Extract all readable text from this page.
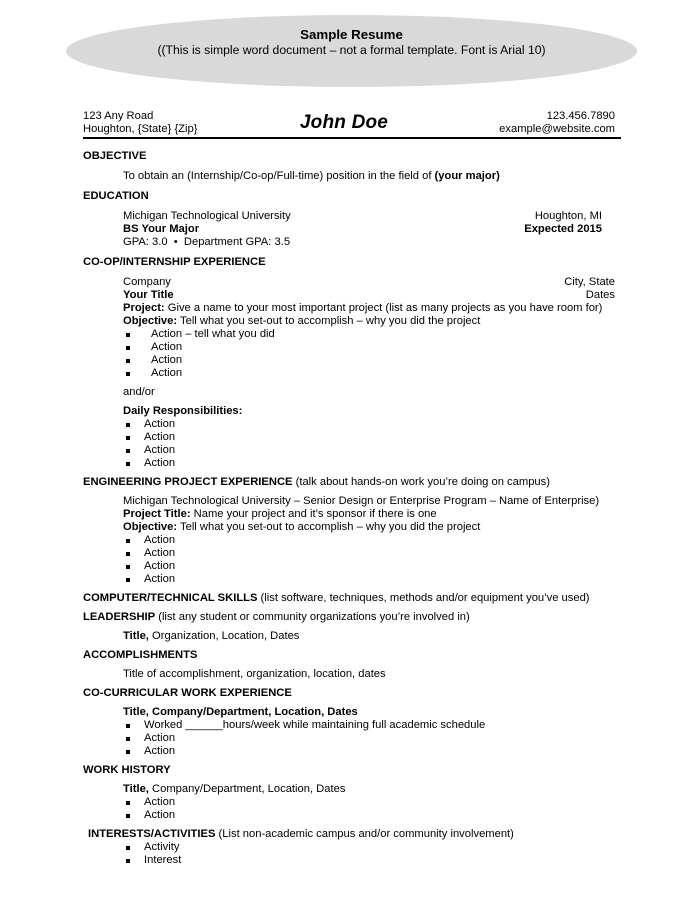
Sample Resume
((This is simple word document – not a formal template. Font is Arial 10)
123 Any Road
Houghton, {State} {Zip}	John Doe	123.456.7890
example@website.com
OBJECTIVE
To obtain an (Internship/Co-op/Full-time) position in the field of (your major)
EDUCATION
Michigan Technological University	Houghton, MI
BS Your Major	Expected 2015
GPA: 3.0  •  Department GPA: 3.5
CO-OP/INTERNSHIP EXPERIENCE
Company	City, State
Your Title	Dates
Project: Give a name to your most important project (list as many projects as you have room for)
Objective: Tell what you set-out to accomplish – why you did the project
Action – tell what you did
Action
Action
Action
and/or
Daily Responsibilities:
Action
Action
Action
Action
ENGINEERING PROJECT EXPERIENCE (talk about hands-on work you’re doing on campus)
Michigan Technological University – Senior Design or Enterprise Program – Name of Enterprise)
Project Title: Name your project and it’s sponsor if there is one
Objective: Tell what you set-out to accomplish – why you did the project
Action
Action
Action
Action
COMPUTER/TECHNICAL SKILLS (list software, techniques, methods and/or equipment you’ve used)
LEADERSHIP (list any student or community organizations you’re involved in)
Title, Organization, Location, Dates
ACCOMPLISHMENTS
Title of accomplishment, organization, location, dates
CO-CURRICULAR WORK EXPERIENCE
Title, Company/Department, Location, Dates
Worked ______hours/week while maintaining full academic schedule
Action
Action
WORK HISTORY
Title, Company/Department, Location, Dates
Action
Action
INTERESTS/ACTIVITIES (List non-academic campus and/or community involvement)
Activity
Interest
